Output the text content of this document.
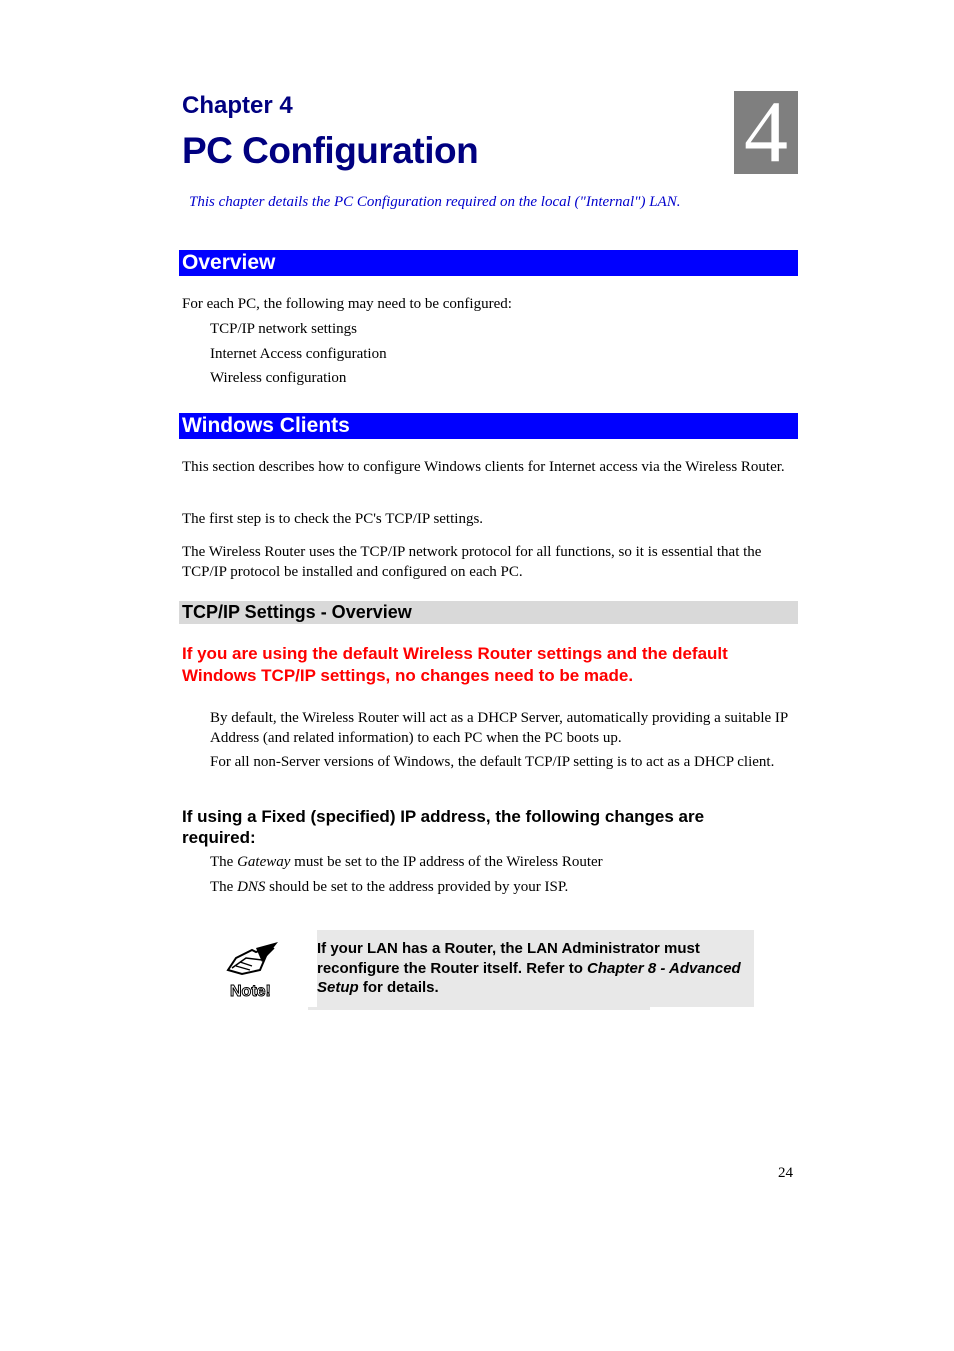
Chapter 4
PC Configuration	4
This chapter details the PC Configuration required on the local ("Internal") LAN.
Overview
For each PC, the following may need to be configured:
TCP/IP network settings
Internet Access configuration
Wireless configuration
Windows Clients
This section describes how to configure Windows clients for Internet access via the Wireless Router.
The first step is to check the PC's TCP/IP settings.
The Wireless Router uses the TCP/IP network protocol for all functions, so it is essential that the TCP/IP protocol be installed and configured on each PC.
TCP/IP Settings - Overview
If you are using the default Wireless Router settings and the default Windows TCP/IP settings, no changes need to be made.
By default, the Wireless Router will act as a DHCP Server, automatically providing a suitable IP Address (and related information) to each PC when the PC boots up.
For all non-Server versions of Windows, the default TCP/IP setting is to act as a DHCP client.
If using a Fixed (specified) IP address, the following changes are required:
The Gateway must be set to the IP address of the Wireless Router
The DNS should be set to the address provided by your ISP.
Note!
If your LAN has a Router, the LAN Administrator must reconfigure the Router itself. Refer to Chapter 8 - Advanced Setup for details.
24
